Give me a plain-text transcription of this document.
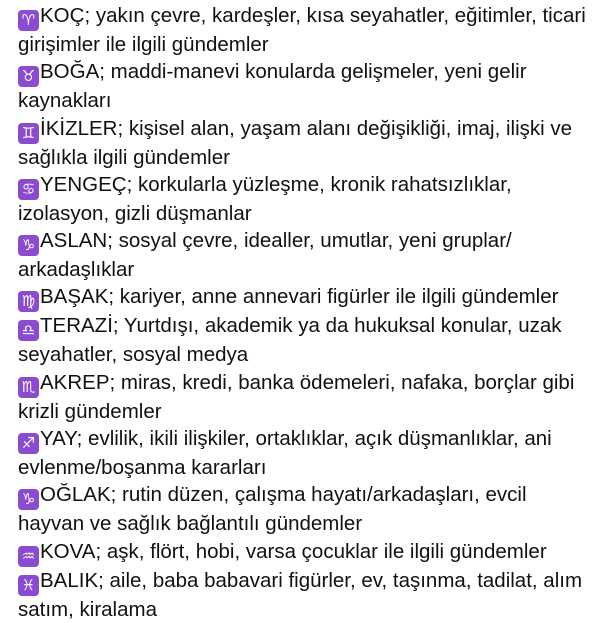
♈ KOÇ; yakın çevre, kardeşler, kısa seyahatler, eğitimler, ticari girişimler ile ilgili gündemler

♉ BOĞA; maddi-manevi konularda gelişmeler, yeni gelir kaynakları

♊ İKİZLER; kişisel alan, yaşam alanı değişikliği, imaj, ilişki ve sağlıkla ilgili gündemler

♋ YENGEÇ; korkularla yüzleşme, kronik rahatsızlıklar, izolasyon, gizli düşmanlar

♑ ASLAN; sosyal çevre, idealler, umutlar, yeni gruplar/ arkadaşlıklar

♍ BAŞAK; kariyer, anne annevari figürler ile ilgili gündemler

♎ TERAZİ; Yurtdışı, akademik ya da hukuksal konular, uzak seyahatler, sosyal medya

♏ AKREP; miras, kredi, banka ödemeleri, nafaka, borçlar gibi krizli gündemler

♐ YAY; evlilik, ikili ilişkiler, ortaklıklar, açık düşmanlıklar, ani evlenme/boşanma kararları

♑ OĞLAK; rutin düzen, çalışma hayatı/arkadaşları, evcil hayvan ve sağlık bağlantılı gündemler

♒ KOVA; aşk, flört, hobi, varsa çocuklar ile ilgili gündemler

♓ BALIK; aile, baba babavari figürler, ev, taşınma, tadilat, alım satım, kiralama
